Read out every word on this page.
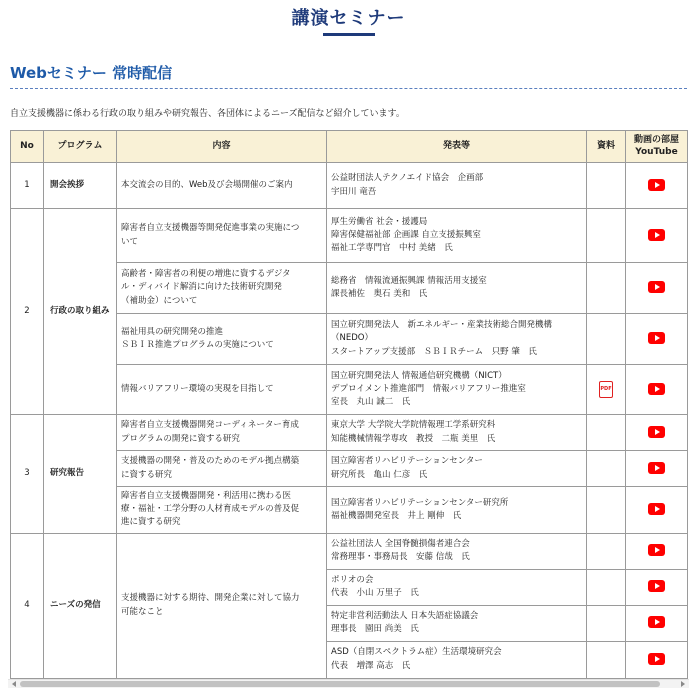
講演セミナー
Webセミナー 常時配信
自立支援機器に係わる行政の取り組みや研究報告、各団体によるニーズ配信など紹介しています。
No	プログラム	内容	発表等	資料	動画の部屋
YouTube
1	開会挨拶	本交流会の目的、Web及び会場開催のご案内	公益財団法人テクノエイド協会　企画部
宇田川 竜吾		
2	行政の取り組み	障害者自立支援機器等開発促進事業の実施につ
いて	厚生労働省 社会・援護局
障害保健福祉部 企画課 自立支援振興室
福祉工学専門官　中村 美緒　氏		
		高齢者・障害者の利便の増進に資するデジタ
ル・ディバイド解消に向けた技術研究開発
（補助金）について	総務省　情報流通振興課 情報活用支援室
課長補佐　奥石 美和　氏		
		福祉用具の研究開発の推進
ＳＢＩＲ推進プログラムの実施について	国立研究開発法人　新エネルギー・産業技術総合開発機構
（NEDO）
スタートアップ支援部　ＳＢＩＲチーム　只野 肇　氏		
		情報バリアフリー環境の実現を目指して	国立研究開発法人 情報通信研究機構（NICT）
デプロイメント推進部門　情報バリアフリー推進室
室長　丸山 誠二　氏	PDF	
3	研究報告	障害者自立支援機器開発コーディネーター育成
プログラムの開発に資する研究	東京大学 大学院大学院情報理工学系研究科
知能機械情報学専攻　教授　二瓶 美里　氏		
		支援機器の開発・普及のためのモデル拠点構築
に資する研究	国立障害者リハビリテーションセンター
研究所長　亀山 仁彦　氏		
		障害者自立支援機器開発・利活用に携わる医
療・福祉・工学分野の人材育成モデルの普及促
進に資する研究	国立障害者リハビリテーションセンター研究所
福祉機器開発室長　井上 剛伸　氏		
4	ニーズの発信	支援機器に対する期待、開発企業に対して協力
可能なこと	公益社団法人 全国脊髄損傷者連合会
常務理事・事務局長　安藤 信哉　氏		
			ポリオの会
代表　小山 万里子　氏		
			特定非営利活動法人 日本失語症協議会
理事長　園田 尚美　氏		
			ASD（自閉スペクトラム症）生活環境研究会
代表　増澤 高志　氏		
